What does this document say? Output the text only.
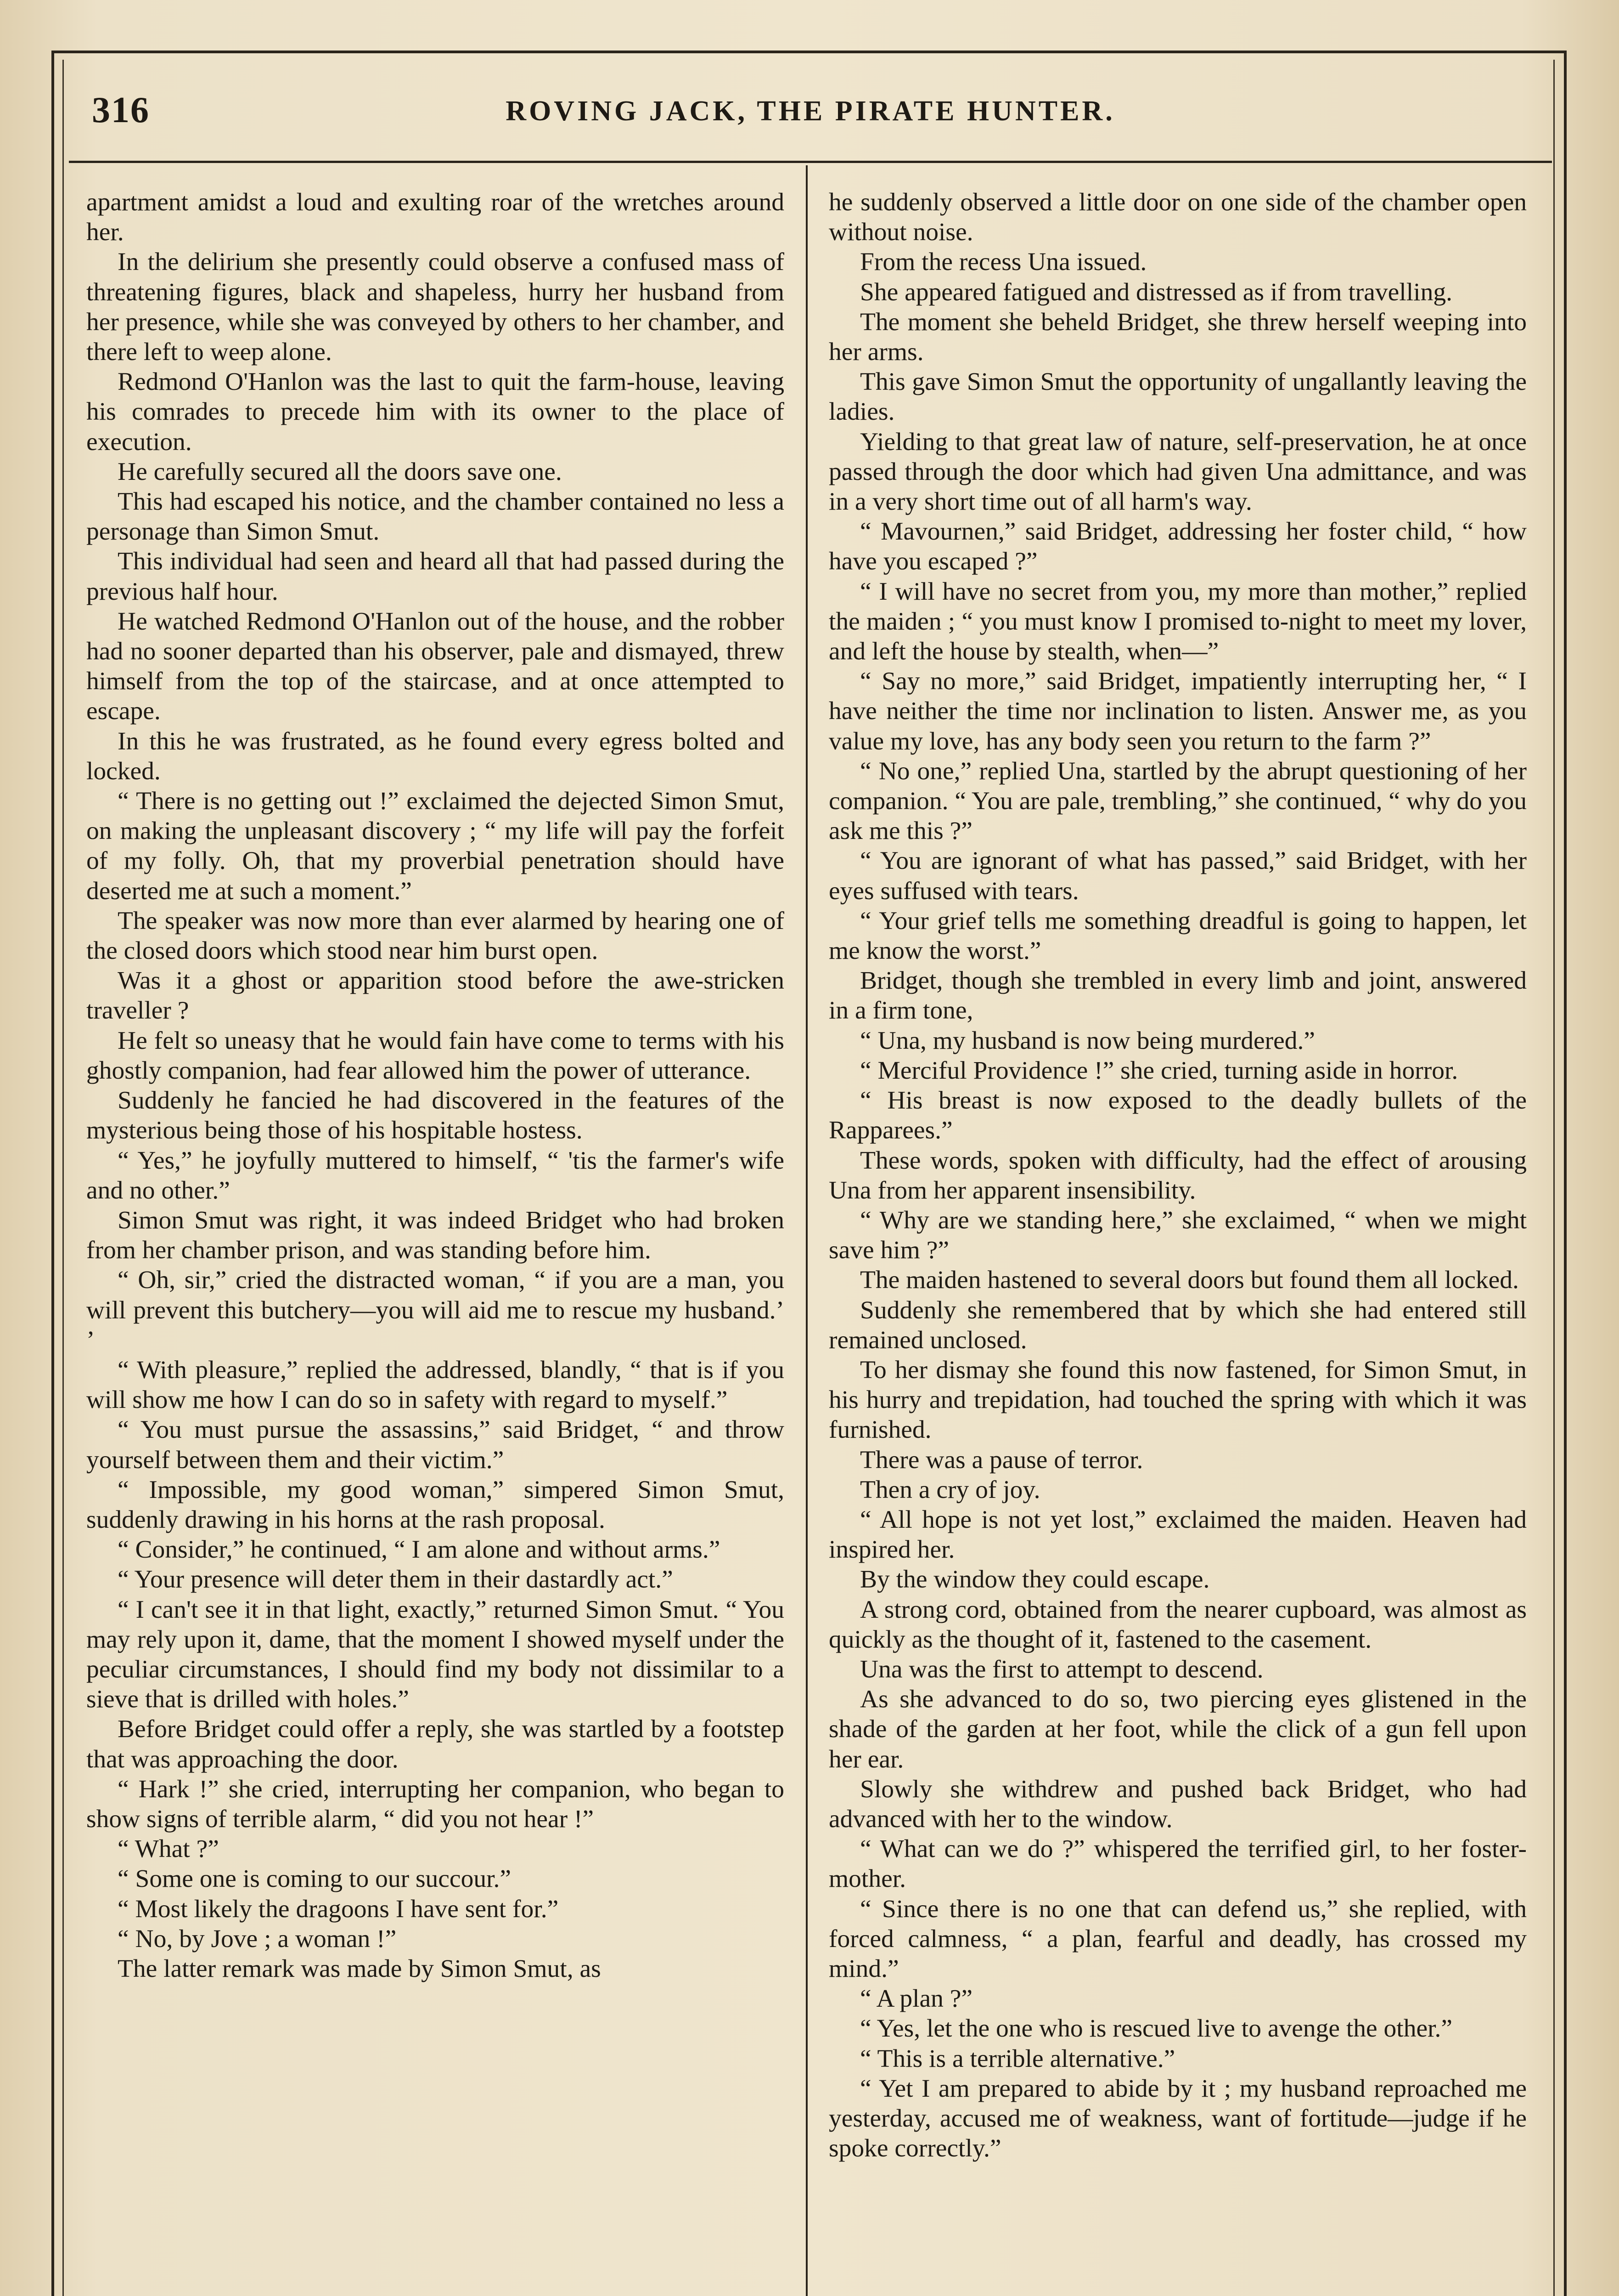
316	ROVING JACK, THE PIRATE HUNTER.

apartment amidst a loud and exulting roar of the wretches around her.

In the delirium she presently could observe a confused mass of threatening figures, black and shapeless, hurry her husband from her presence, while she was conveyed by others to her chamber, and there left to weep alone.

Redmond O'Hanlon was the last to quit the farm-house, leaving his comrades to precede him with its owner to the place of execution.

He carefully secured all the doors save one.

This had escaped his notice, and the chamber contained no less a personage than Simon Smut.

This individual had seen and heard all that had passed during the previous half hour.

He watched Redmond O'Hanlon out of the house, and the robber had no sooner departed than his observer, pale and dismayed, threw himself from the top of the staircase, and at once attempted to escape.

In this he was frustrated, as he found every egress bolted and locked.

“ There is no getting out !” exclaimed the dejected Simon Smut, on making the unpleasant discovery ; “ my life will pay the forfeit of my folly. Oh, that my proverbial penetration should have deserted me at such a moment.”

The speaker was now more than ever alarmed by hearing one of the closed doors which stood near him burst open.

Was it a ghost or apparition stood before the awe-stricken traveller ?

He felt so uneasy that he would fain have come to terms with his ghostly companion, had fear allowed him the power of utterance.

Suddenly he fancied he had discovered in the features of the mysterious being those of his hospitable hostess.

“ Yes,” he joyfully muttered to himself, “ 'tis the farmer's wife and no other.”

Simon Smut was right, it was indeed Bridget who had broken from her chamber prison, and was standing before him.

“ Oh, sir,” cried the distracted woman, “ if you are a man, you will prevent this butchery—you will aid me to rescue my husband.’ ’

“ With pleasure,” replied the addressed, blandly, “ that is if you will show me how I can do so in safety with regard to myself.”

“ You must pursue the assassins,” said Bridget, “ and throw yourself between them and their victim.”

“ Impossible, my good woman,” simpered Simon Smut, suddenly drawing in his horns at the rash proposal.

“ Consider,” he continued, “ I am alone and without arms.”

“ Your presence will deter them in their dastardly act.”

“ I can't see it in that light, exactly,” returned Simon Smut. “ You may rely upon it, dame, that the moment I showed myself under the peculiar circumstances, I should find my body not dissimilar to a sieve that is drilled with holes.”

Before Bridget could offer a reply, she was startled by a footstep that was approaching the door.

“ Hark !” she cried, interrupting her companion, who began to show signs of terrible alarm, “ did you not hear !”

“ What ?”

“ Some one is coming to our succour.”

“ Most likely the dragoons I have sent for.”

“ No, by Jove ; a woman !”

The latter remark was made by Simon Smut, as

he suddenly observed a little door on one side of the chamber open without noise.

From the recess Una issued.

She appeared fatigued and distressed as if from travelling.

The moment she beheld Bridget, she threw herself weeping into her arms.

This gave Simon Smut the opportunity of ungallantly leaving the ladies.

Yielding to that great law of nature, self-preservation, he at once passed through the door which had given Una admittance, and was in a very short time out of all harm's way.

“ Mavournen,” said Bridget, addressing her foster child, “ how have you escaped ?”

“ I will have no secret from you, my more than mother,” replied the maiden ; “ you must know I promised to-night to meet my lover, and left the house by stealth, when—”

“ Say no more,” said Bridget, impatiently interrupting her, “ I have neither the time nor inclination to listen. Answer me, as you value my love, has any body seen you return to the farm ?”

“ No one,” replied Una, startled by the abrupt questioning of her companion. “ You are pale, trembling,” she continued, “ why do you ask me this ?”

“ You are ignorant of what has passed,” said Bridget, with her eyes suffused with tears.

“ Your grief tells me something dreadful is going to happen, let me know the worst.”

Bridget, though she trembled in every limb and joint, answered in a firm tone,

“ Una, my husband is now being murdered.”

“ Merciful Providence !” she cried, turning aside in horror.

“ His breast is now exposed to the deadly bullets of the Rapparees.”

These words, spoken with difficulty, had the effect of arousing Una from her apparent insensibility.

“ Why are we standing here,” she exclaimed, “ when we might save him ?”

The maiden hastened to several doors but found them all locked.

Suddenly she remembered that by which she had entered still remained unclosed.

To her dismay she found this now fastened, for Simon Smut, in his hurry and trepidation, had touched the spring with which it was furnished.

There was a pause of terror.

Then a cry of joy.

“ All hope is not yet lost,” exclaimed the maiden. Heaven had inspired her.

By the window they could escape.

A strong cord, obtained from the nearer cupboard, was almost as quickly as the thought of it, fastened to the casement.

Una was the first to attempt to descend.

As she advanced to do so, two piercing eyes glistened in the shade of the garden at her foot, while the click of a gun fell upon her ear.

Slowly she withdrew and pushed back Bridget, who had advanced with her to the window.

“ What can we do ?” whispered the terrified girl, to her foster-mother.

“ Since there is no one that can defend us,” she replied, with forced calmness, “ a plan, fearful and deadly, has crossed my mind.”

“ A plan ?”

“ Yes, let the one who is rescued live to avenge the other.”

“ This is a terrible alternative.”

“ Yet I am prepared to abide by it ; my husband reproached me yesterday, accused me of weakness, want of fortitude—judge if he spoke correctly.”
